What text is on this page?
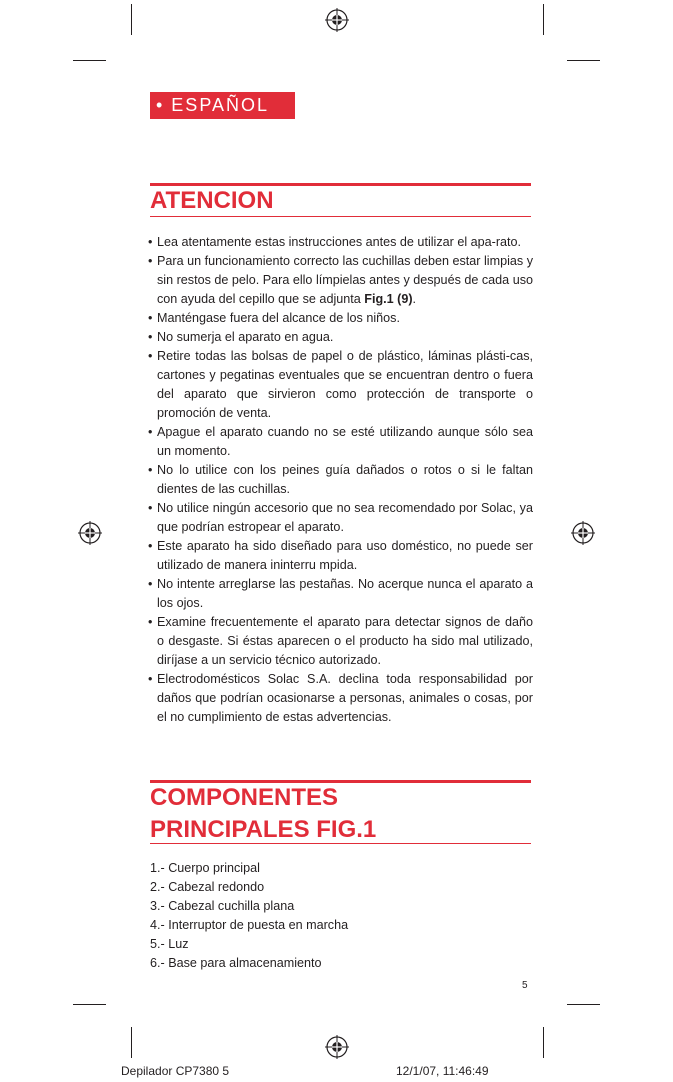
• ESPAÑOL
ATENCION
• Lea atentamente estas instrucciones antes de utilizar el apa-rato.
• Para un funcionamiento correcto las cuchillas deben estar limpias y sin restos de pelo. Para ello límpielas antes y después de cada uso con ayuda del cepillo que se adjunta Fig.1 (9).
• Manténgase fuera del alcance de los niños.
• No sumerja el aparato en agua.
• Retire todas las bolsas de papel o de plástico, láminas plásti-cas, cartones y pegatinas eventuales que se encuentran dentro o fuera del aparato que sirvieron como protección de transporte o promoción de venta.
• Apague el aparato cuando no se esté utilizando aunque sólo sea un momento.
• No lo utilice con los peines guía dañados o rotos o si le faltan dientes de las cuchillas.
• No utilice ningún accesorio que no sea recomendado por Solac, ya que podrían estropear el aparato.
• Este aparato ha sido diseñado para uso doméstico, no puede ser utilizado de manera ininterru mpida.
• No intente arreglarse las pestañas. No acerque nunca el aparato a los ojos.
• Examine frecuentemente el aparato para detectar signos de daño o desgaste. Si éstas aparecen o el producto ha sido mal utilizado, diríjase a un servicio técnico autorizado.
• Electrodomésticos Solac S.A. declina toda responsabilidad por daños que podrían ocasionarse a personas, animales o cosas, por el no cumplimiento de estas advertencias.
COMPONENTES
PRINCIPALES FIG.1
1.- Cuerpo principal
2.- Cabezal redondo
3.- Cabezal cuchilla plana
4.- Interruptor de puesta en marcha
5.- Luz
6.- Base para almacenamiento
5
Depilador CP7380 5	12/1/07, 11:46:49
